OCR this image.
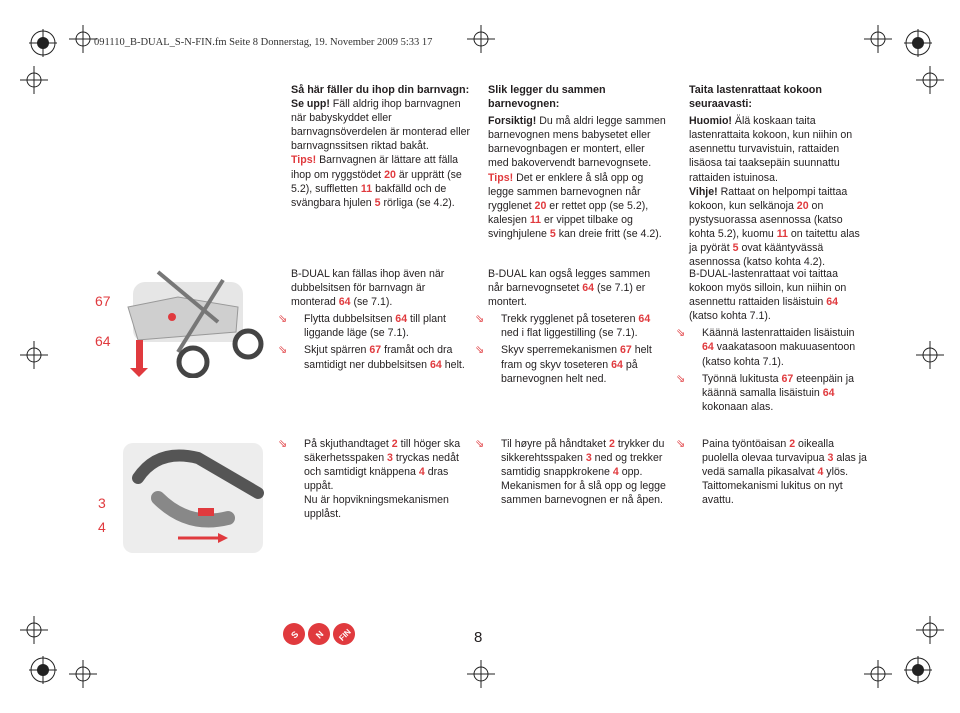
091110_B-DUAL_S-N-FIN.fm Seite 8 Donnerstag, 19. November 2009 5:33 17
67
64
3
4

Så här fäller du ihop din barnvagn:

Se upp! Fäll aldrig ihop barnvagnen när babyskyddet eller barnvagnsöverdelen är monterad eller barnvagnssitsen riktad bakåt.

Tips! Barnvagnen är lättare att fälla ihop om ryggstödet 20 är upprätt (se 5.2), suffletten 11 bakfälld och de svängbara hjulen 5 rörliga (se 4.2).

B-DUAL kan fällas ihop även när dubbelsitsen för barnvagn är monterad 64 (se 7.1).

⇘ Flytta dubbelsitsen 64 till plant liggande läge (se 7.1).

⇘ Skjut spärren 67 framåt och dra samtidigt ner dubbelsitsen 64 helt.

⇘ På skjuthandtaget 2 till höger ska säkerhetsspaken 3 tryckas nedåt och samtidigt knäppena 4 dras uppåt.
Nu är hopvikningsmekanismen upplåst.

Slik legger du sammen barnevognen:

Forsiktig! Du må aldri legge sammen barnevognen mens babysetet eller barnevognbagen er montert, eller med bakovervendt barnevognsete.

Tips! Det er enklere å slå opp og legge sammen barnevognen når rygglenet 20 er rettet opp (se 5.2), kalesjen 11 er vippet tilbake og svinghjulene 5 kan dreie fritt (se 4.2).

B-DUAL kan også legges sammen når barnevognsetet 64 (se 7.1) er montert.

⇘ Trekk rygglenet på toseteren 64 ned i flat liggestilling (se 7.1).

⇘ Skyv sperremekanismen 67 helt fram og skyv toseteren 64 på barnevognen helt ned.

⇘ Til høyre på håndtaket 2 trykker du sikkerehtsspaken 3 ned og trekker samtidig snappkrokene 4 opp.
Mekanismen for å slå opp og legge sammen barnevognen er nå åpen.

Taita lastenrattaat kokoon seuraavasti:

Huomio! Älä koskaan taita lastenrattaita kokoon, kun niihin on asennettu turvavistuin, rattaiden lisäosa tai taaksepäin suunnattu rattaiden istuinosa.

Vihje! Rattaat on helpompi taittaa kokoon, kun selkänoja 20 on pystysuorassa asennossa (katso kohta 5.2), kuomu 11 on taitettu alas ja pyörät 5 ovat kääntyvässä asennossa (katso kohta 4.2).

B-DUAL-lastenrattaat voi taittaa kokoon myös silloin, kun niihin on asennettu rattaiden lisäistuin 64 (katso kohta 7.1).

⇘ Käännä lastenrattaiden lisäistuin 64 vaakatasoon makuuasentoon (katso kohta 7.1).

⇘ Työnnä lukitusta 67 eteenpäin ja käännä samalla lisäistuin 64 kokonaan alas.

⇘ Paina työntöaisan 2 oikealla puolella olevaa turvavipua 3 alas ja vedä samalla pikasalvat 4 ylös.
Taittomekanismi lukitus on nyt avattu.

S N FIN	8
